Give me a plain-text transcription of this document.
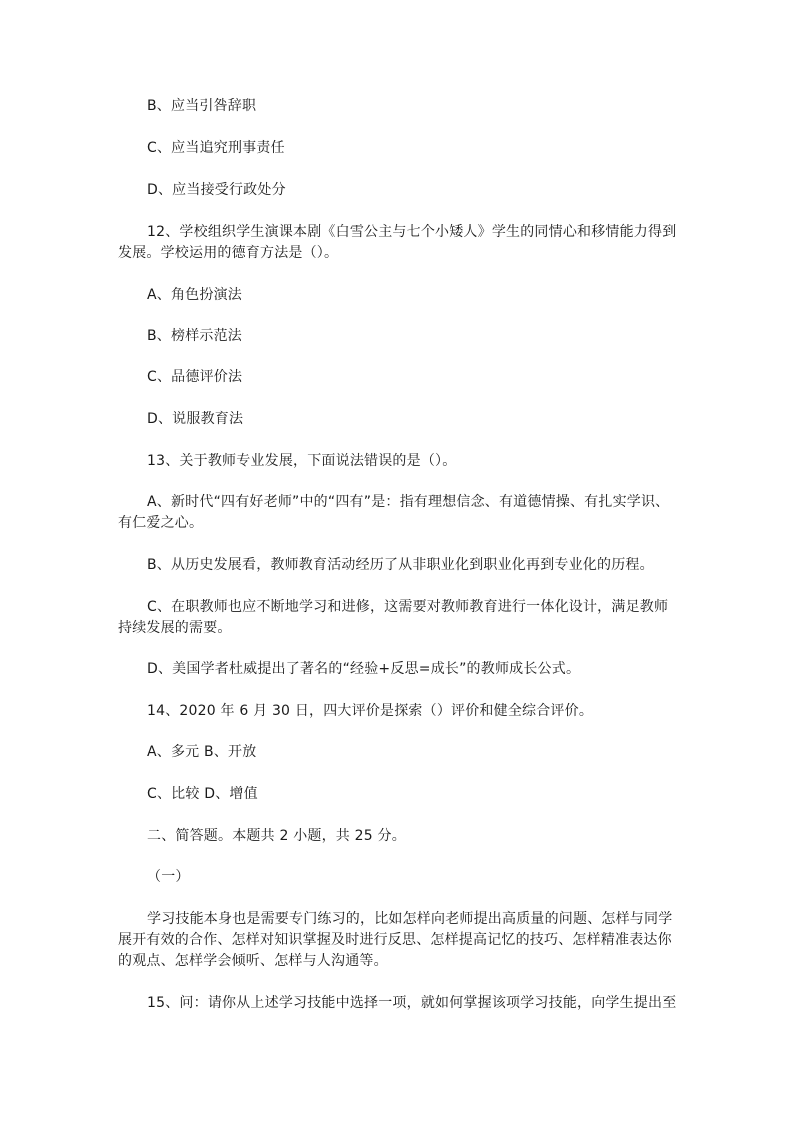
B、应当引咎辞职

C、应当追究刑事责任

D、应当接受行政处分

12、学校组织学生演课本剧《白雪公主与七个小矮人》学生的同情心和移情能力得到发展。学校运用的德育方法是（）。

A、角色扮演法

B、榜样示范法

C、品德评价法

D、说服教育法

13、关于教师专业发展，下面说法错误的是（）。

A、新时代“四有好老师”中的“四有”是：指有理想信念、有道德情操、有扎实学识、有仁爱之心。

B、从历史发展看，教师教育活动经历了从非职业化到职业化再到专业化的历程。

C、在职教师也应不断地学习和进修，这需要对教师教育进行一体化设计，满足教师持续发展的需要。

D、美国学者杜威提出了著名的“经验+反思=成长”的教师成长公式。

14、2020 年 6 月 30 日，四大评价是探索（）评价和健全综合评价。

A、多元 B、开放

C、比较 D、增值

二、简答题。本题共 2 小题，共 25 分。

（一）

学习技能本身也是需要专门练习的，比如怎样向老师提出高质量的问题、怎样与同学展开有效的合作、怎样对知识掌握及时进行反思、怎样提高记忆的技巧、怎样精准表达你的观点、怎样学会倾听、怎样与人沟通等。

15、问：请你从上述学习技能中选择一项，就如何掌握该项学习技能，向学生提出至
